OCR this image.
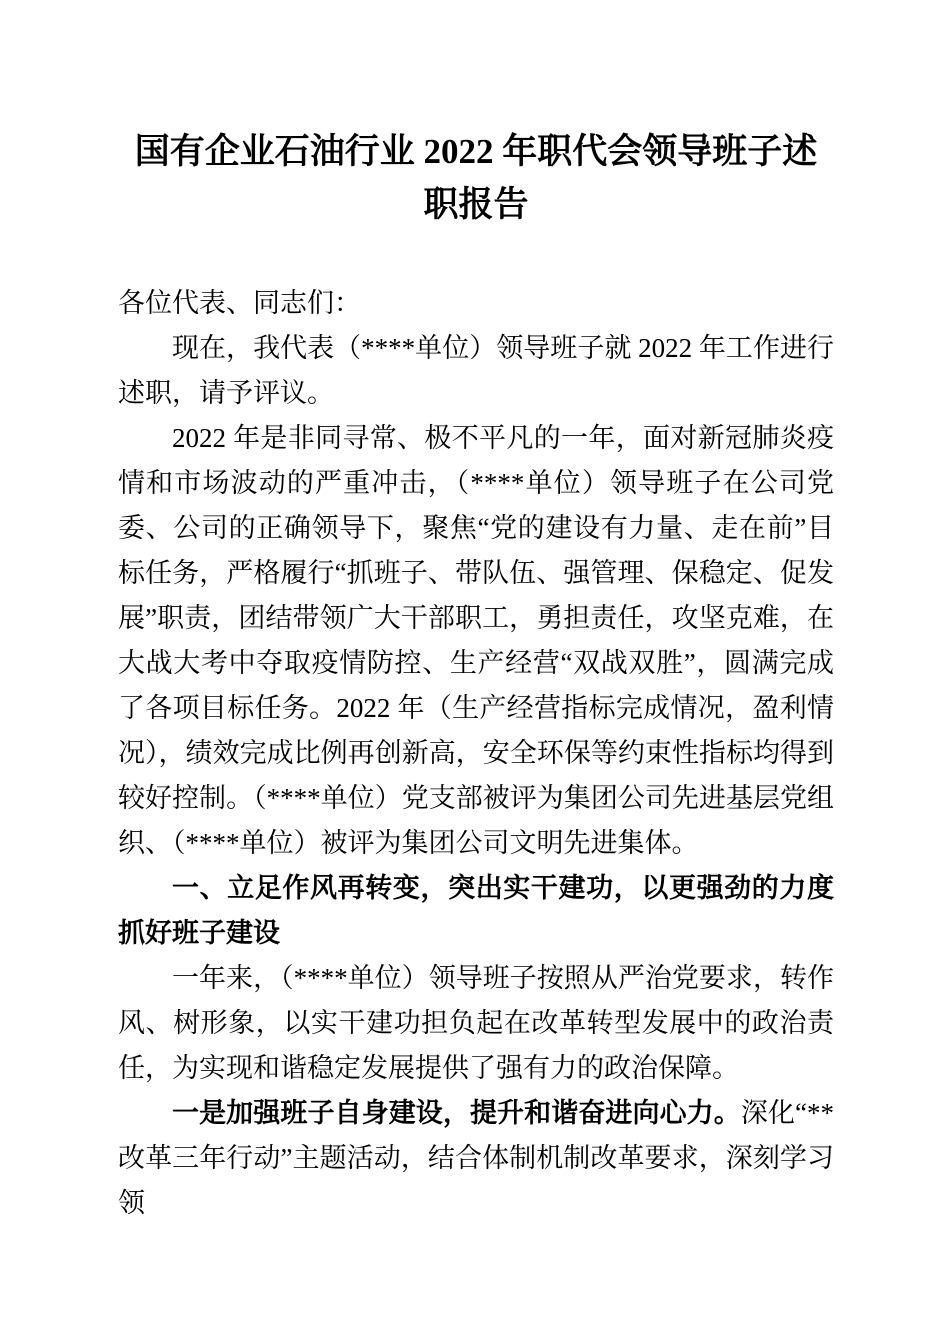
国有企业石油行业 2022 年职代会领导班子述职报告

各位代表、同志们：

现在，我代表（****单位）领导班子就 2022 年工作进行述职，请予评议。

2022 年是非同寻常、极不平凡的一年，面对新冠肺炎疫情和市场波动的严重冲击，（****单位）领导班子在公司党委、公司的正确领导下，聚焦“党的建设有力量、走在前”目标任务，严格履行“抓班子、带队伍、强管理、保稳定、促发展”职责，团结带领广大干部职工，勇担责任，攻坚克难，在大战大考中夺取疫情防控、生产经营“双战双胜”，圆满完成了各项目标任务。2022 年（生产经营指标完成情况，盈利情况），绩效完成比例再创新高，安全环保等约束性指标均得到较好控制。（****单位）党支部被评为集团公司先进基层党组织、（****单位）被评为集团公司文明先进集体。

一、立足作风再转变，突出实干建功，以更强劲的力度抓好班子建设

一年来，（****单位）领导班子按照从严治党要求，转作风、树形象，以实干建功担负起在改革转型发展中的政治责任，为实现和谐稳定发展提供了强有力的政治保障。

一是加强班子自身建设，提升和谐奋进向心力。深化“**改革三年行动”主题活动，结合体制机制改革要求，深刻学习领
